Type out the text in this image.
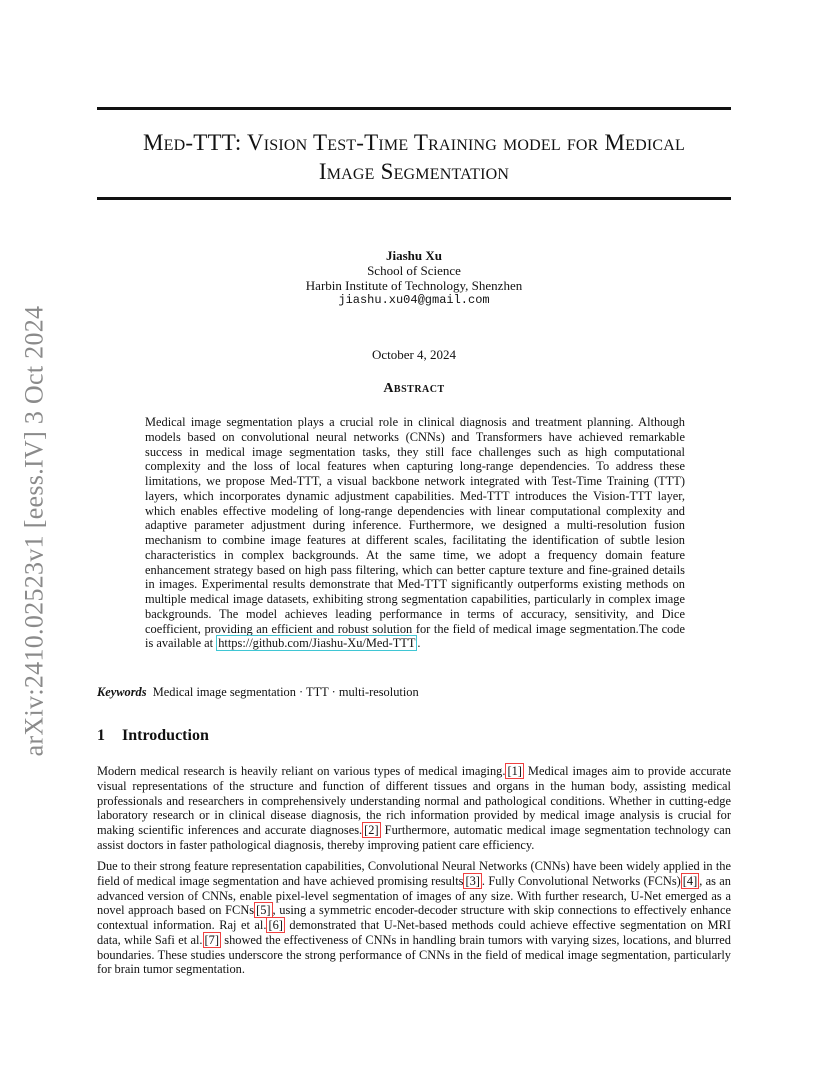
arXiv:2410.02523v1 [eess.IV] 3 Oct 2024
Med-TTT: Vision Test-Time Training model for Medical
Image Segmentation
Jiashu Xu
School of Science
Harbin Institute of Technology, Shenzhen
jiashu.xu04@gmail.com
October 4, 2024
Abstract
Medical image segmentation plays a crucial role in clinical diagnosis and treatment planning. Although models based on convolutional neural networks (CNNs) and Transformers have achieved remarkable success in medical image segmentation tasks, they still face challenges such as high computational complexity and the loss of local features when capturing long-range dependencies. To address these limitations, we propose Med-TTT, a visual backbone network integrated with Test-Time Training (TTT) layers, which incorporates dynamic adjustment capabilities. Med-TTT introduces the Vision-TTT layer, which enables effective modeling of long-range dependencies with linear computational complexity and adaptive parameter adjustment during inference. Furthermore, we designed a multi-resolution fusion mechanism to combine image features at different scales, facilitating the identification of subtle lesion characteristics in complex backgrounds. At the same time, we adopt a frequency domain feature enhancement strategy based on high pass filtering, which can better capture texture and fine-grained details in images. Experimental results demonstrate that Med-TTT significantly outperforms existing methods on multiple medical image datasets, exhibiting strong segmentation capabilities, particularly in complex image backgrounds. The model achieves leading performance in terms of accuracy, sensitivity, and Dice coefficient, providing an efficient and robust solution for the field of medical image segmentation.The code is available at https://github.com/Jiashu-Xu/Med-TTT .
Keywords Medical image segmentation · TTT · multi-resolution
1 Introduction
Modern medical research is heavily reliant on various types of medical imaging. [1] Medical images aim to provide accurate visual representations of the structure and function of different tissues and organs in the human body, assisting medical professionals and researchers in comprehensively understanding normal and pathological conditions. Whether in cutting-edge laboratory research or in clinical disease diagnosis, the rich information provided by medical image analysis is crucial for making scientific inferences and accurate diagnoses. [2] Furthermore, automatic medical image segmentation technology can assist doctors in faster pathological diagnosis, thereby improving patient care efficiency.
Due to their strong feature representation capabilities, Convolutional Neural Networks (CNNs) have been widely applied in the field of medical image segmentation and have achieved promising results [3] . Fully Convolutional Networks (FCNs) [4] , as an advanced version of CNNs, enable pixel-level segmentation of images of any size. With further research, U-Net emerged as a novel approach based on FCNs [5] , using a symmetric encoder-decoder structure with skip connections to effectively enhance contextual information. Raj et al. [6] demonstrated that U-Net-based methods could achieve effective segmentation on MRI data, while Safi et al. [7] showed the effectiveness of CNNs in handling brain tumors with varying sizes, locations, and blurred boundaries. These studies underscore the strong performance of CNNs in the field of medical image segmentation, particularly for brain tumor segmentation.
